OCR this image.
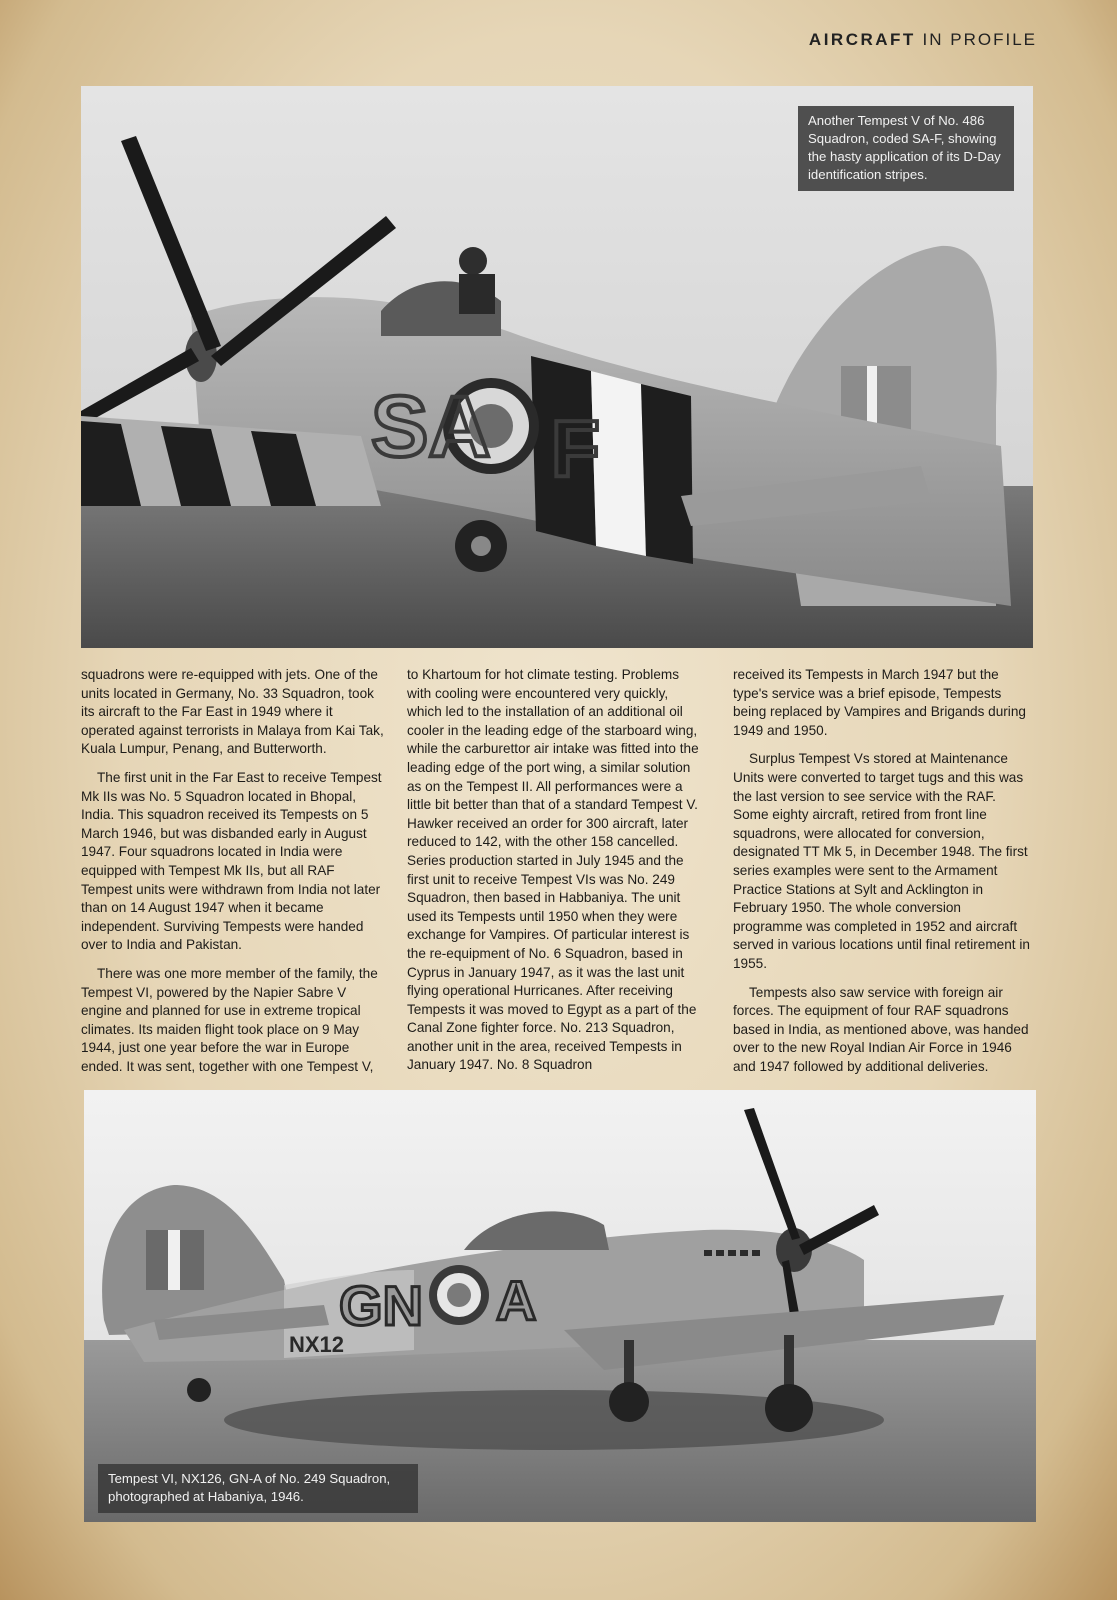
AIRCRAFT IN PROFILE
SA F
Another Tempest V of No. 486 Squadron, coded SA-F, showing the hasty application of its D-Day identification stripes.

squadrons were re-equipped with jets. One of the units located in Germany, No. 33 Squadron, took its aircraft to the Far East in 1949 where it operated against terrorists in Malaya from Kai Tak, Kuala Lumpur, Penang, and Butterworth.

The first unit in the Far East to receive Tempest Mk IIs was No. 5 Squadron located in Bhopal, India. This squadron received its Tempests on 5 March 1946, but was disbanded early in August 1947. Four squadrons located in India were equipped with Tempest Mk IIs, but all RAF Tempest units were withdrawn from India not later than on 14 August 1947 when it became independent. Surviving Tempests were handed over to India and Pakistan.

There was one more member of the family, the Tempest VI, powered by the Napier Sabre V engine and planned for use in extreme tropical climates. Its maiden flight took place on 9 May 1944, just one year before the war in Europe ended. It was sent, together with one Tempest V,

to Khartoum for hot climate testing. Problems with cooling were encountered very quickly, which led to the installation of an additional oil cooler in the leading edge of the starboard wing, while the carburettor air intake was fitted into the leading edge of the port wing, a similar solution as on the Tempest II. All performances were a little bit better than that of a standard Tempest V. Hawker received an order for 300 aircraft, later reduced to 142, with the other 158 cancelled. Series production started in July 1945 and the first unit to receive Tempest VIs was No. 249 Squadron, then based in Habbaniya. The unit used its Tempests until 1950 when they were exchange for Vampires. Of particular interest is the re-equipment of No. 6 Squadron, based in Cyprus in January 1947, as it was the last unit flying operational Hurricanes. After receiving Tempests it was moved to Egypt as a part of the Canal Zone fighter force. No. 213 Squadron, another unit in the area, received Tempests in January 1947. No. 8 Squadron

received its Tempests in March 1947 but the type's service was a brief episode, Tempests being replaced by Vampires and Brigands during 1949 and 1950.

Surplus Tempest Vs stored at Maintenance Units were converted to target tugs and this was the last version to see service with the RAF. Some eighty aircraft, retired from front line squadrons, were allocated for conversion, designated TT Mk 5, in December 1948. The first series examples were sent to the Armament Practice Stations at Sylt and Acklington in February 1950. The whole conversion programme was completed in 1952 and aircraft served in various locations until final retirement in 1955.

Tempests also saw service with foreign air forces. The equipment of four RAF squadrons based in India, as mentioned above, was handed over to the new Royal Indian Air Force in 1946 and 1947 followed by additional deliveries.

NX12
GN A
Tempest VI, NX126, GN-A of No. 249 Squadron, photographed at Habaniya, 1946.
